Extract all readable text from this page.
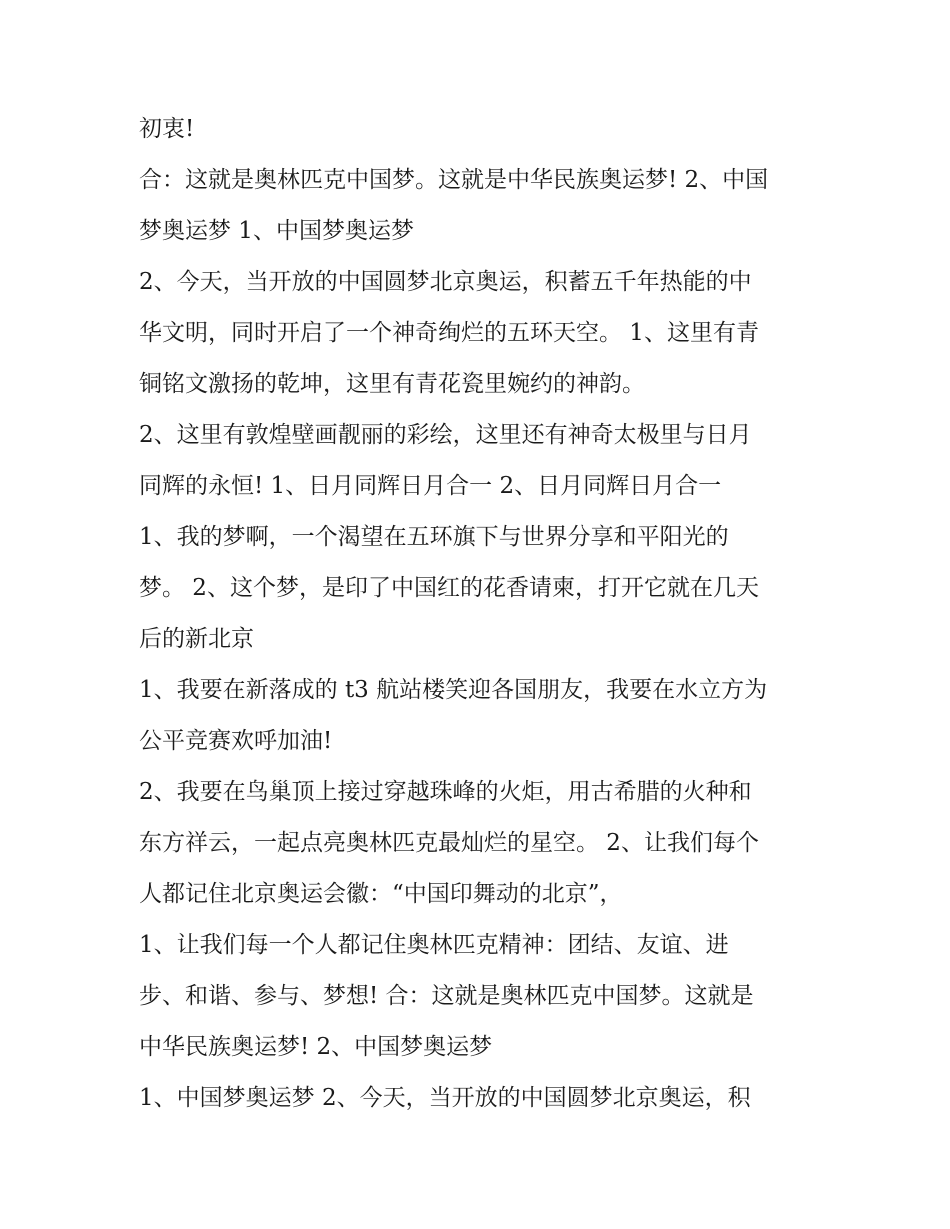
初衷!
合：这就是奥林匹克中国梦。这就是中华民族奥运梦! 2、中国
梦奥运梦 1、中国梦奥运梦
2、今天，当开放的中国圆梦北京奥运，积蓄五千年热能的中
华文明，同时开启了一个神奇绚烂的五环天空。 1、这里有青
铜铭文激扬的乾坤，这里有青花瓷里婉约的神韵。
2、这里有敦煌壁画靓丽的彩绘，这里还有神奇太极里与日月
同辉的永恒! 1、日月同辉日月合一 2、日月同辉日月合一
1、我的梦啊，一个渴望在五环旗下与世界分享和平阳光的
梦。 2、这个梦，是印了中国红的花香请柬，打开它就在几天
后的新北京
1、我要在新落成的 t3 航站楼笑迎各国朋友，我要在水立方为
公平竞赛欢呼加油!
2、我要在鸟巢顶上接过穿越珠峰的火炬，用古希腊的火种和
东方祥云，一起点亮奥林匹克最灿烂的星空。 2、让我们每个
人都记住北京奥运会徽：“中国印舞动的北京”，
1、让我们每一个人都记住奥林匹克精神：团结、友谊、进
步、和谐、参与、梦想! 合：这就是奥林匹克中国梦。这就是
中华民族奥运梦! 2、中国梦奥运梦
1、中国梦奥运梦 2、今天，当开放的中国圆梦北京奥运，积
